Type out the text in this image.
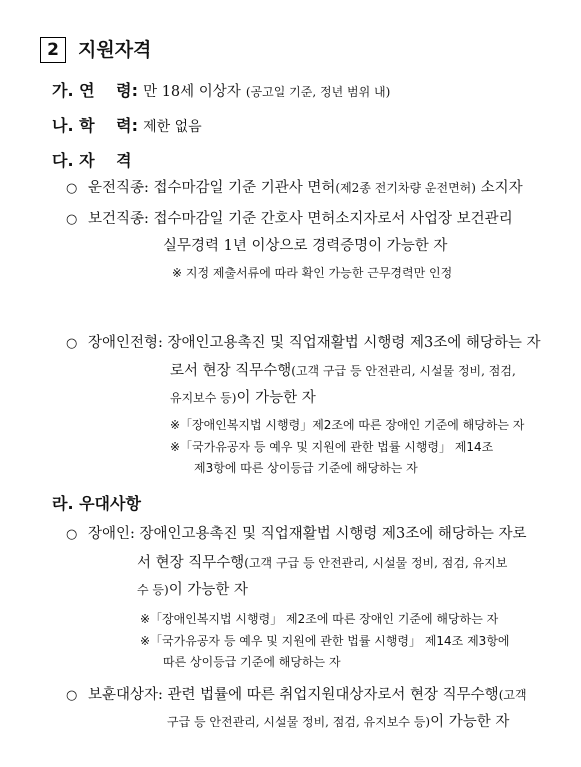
2	지원자격
가. 연　 령: 만 18세 이상자 (공고일 기준, 정년 범위 내)
나. 학　 력: 제한 없음
다. 자　 격
○ 운전직종: 접수마감일 기준 기관사 면허(제2종 전기차량 운전면허) 소지자
○ 보건직종: 접수마감일 기준 간호사 면허소지자로서 사업장 보건관리
실무경력 1년 이상으로 경력증명이 가능한 자
※ 지정 제출서류에 따라 확인 가능한 근무경력만 인정
○ 장애인전형: 장애인고용촉진 및 직업재활법 시행령 제3조에 해당하는 자
로서 현장 직무수행(고객 구급 등 안전관리, 시설물 정비, 점검,
유지보수 등)이 가능한 자
※「장애인복지법 시행령」제2조에 따른 장애인 기준에 해당하는 자
※「국가유공자 등 예우 및 지원에 관한 법률 시행령」 제14조
제3항에 따른 상이등급 기준에 해당하는 자
라. 우대사항
○ 장애인: 장애인고용촉진 및 직업재활법 시행령 제3조에 해당하는 자로
서 현장 직무수행(고객 구급 등 안전관리, 시설물 정비, 점검, 유지보
수 등)이 가능한 자
※「장애인복지법 시행령」 제2조에 따른 장애인 기준에 해당하는 자
※「국가유공자 등 예우 및 지원에 관한 법률 시행령」 제14조 제3항에
따른 상이등급 기준에 해당하는 자
○ 보훈대상자: 관련 법률에 따른 취업지원대상자로서 현장 직무수행(고객
구급 등 안전관리, 시설물 정비, 점검, 유지보수 등)이 가능한 자
